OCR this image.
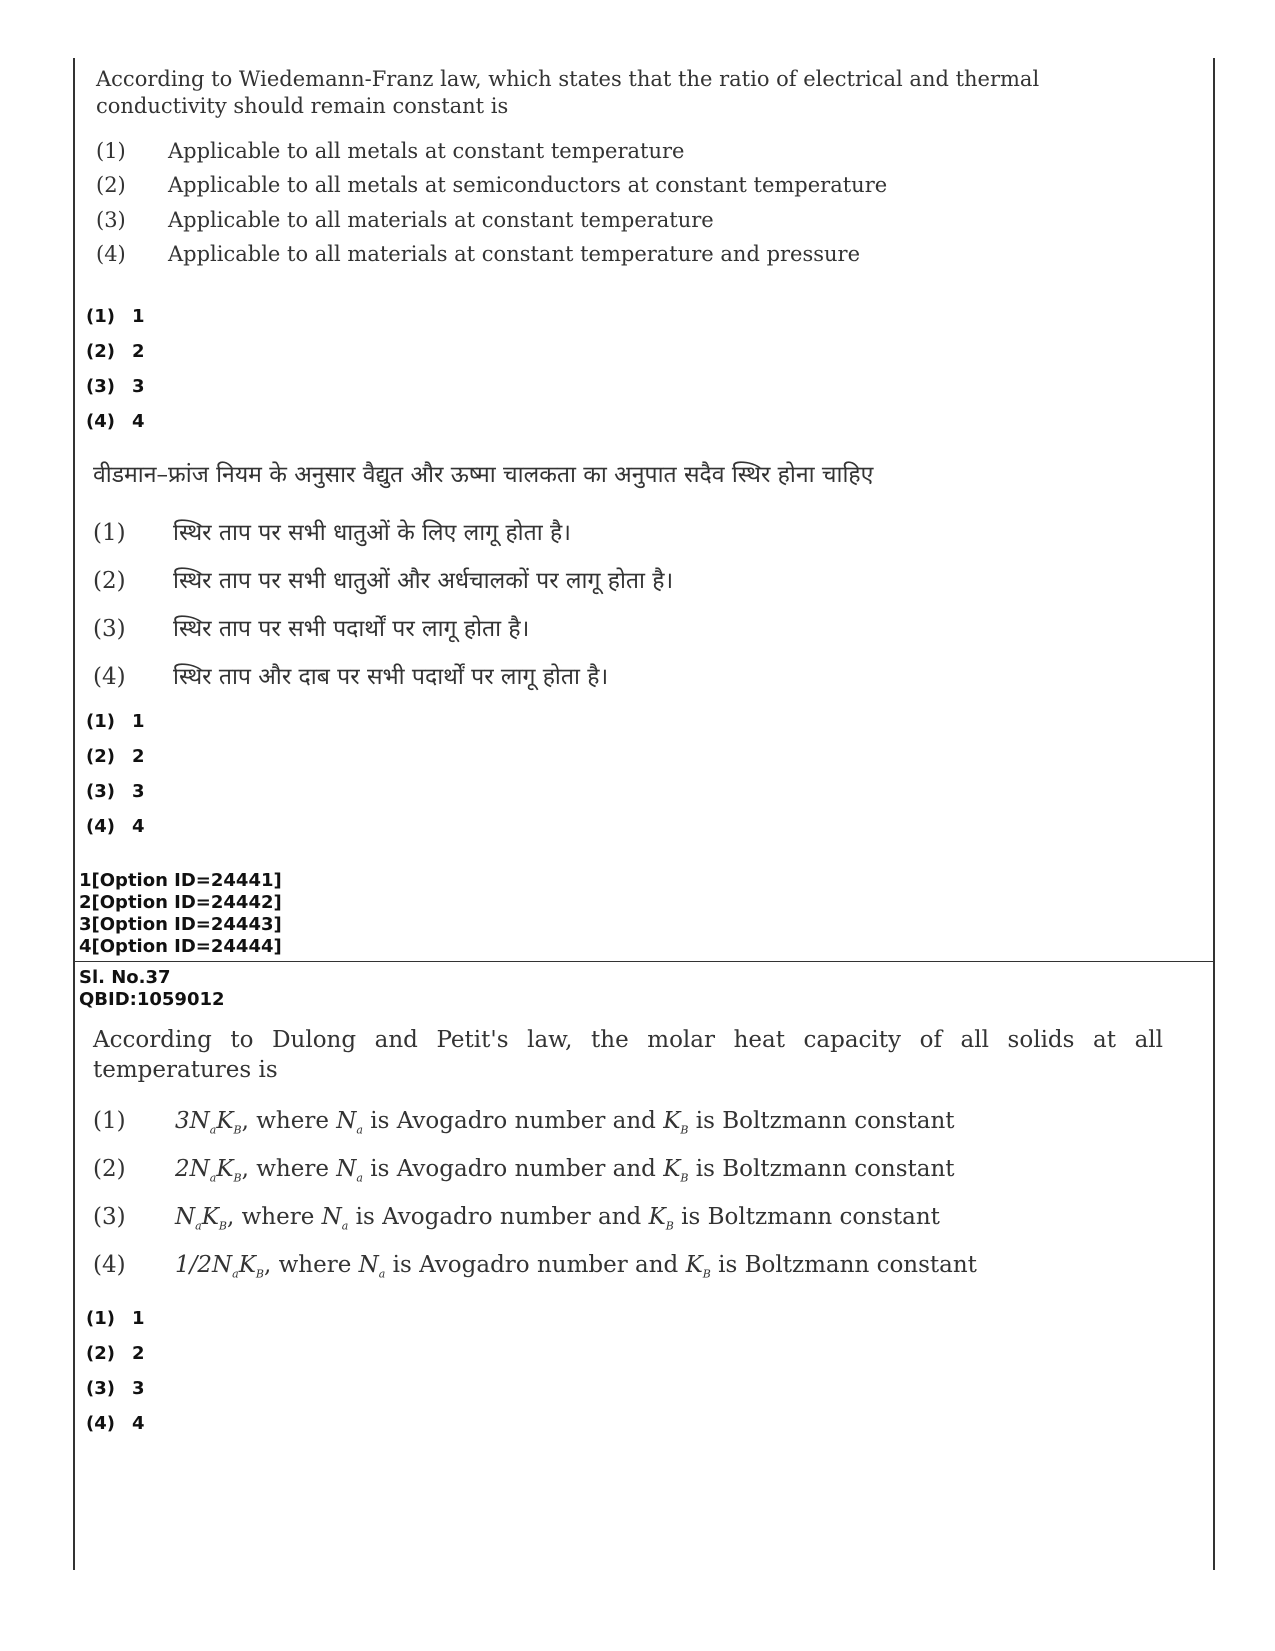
According to Wiedemann-Franz law, which states that the ratio of electrical and thermal conductivity should remain constant is
(1) Applicable to all metals at constant temperature
(2) Applicable to all metals at semiconductors at constant temperature
(3) Applicable to all materials at constant temperature
(4) Applicable to all materials at constant temperature and pressure
(1) 1
(2) 2
(3) 3
(4) 4
वीडमान–फ्रांज नियम के अनुसार वैद्युत और ऊष्मा चालकता का अनुपात सदैव स्थिर होना चाहिए
(1) स्थिर ताप पर सभी धातुओं के लिए लागू होता है।
(2) स्थिर ताप पर सभी धातुओं और अर्धचालकों पर लागू होता है।
(3) स्थिर ताप पर सभी पदार्थों पर लागू होता है।
(4) स्थिर ताप और दाब पर सभी पदार्थों पर लागू होता है।
(1) 1
(2) 2
(3) 3
(4) 4
1[Option ID=24441]
2[Option ID=24442]
3[Option ID=24443]
4[Option ID=24444]
Sl. No.37
QBID:1059012
According to Dulong and Petit's law, the molar heat capacity of all solids at all temperatures is
(1) $3N_aK_B$, where $N_a$ is Avogadro number and $K_B$ is Boltzmann constant
(2) $2N_aK_B$, where $N_a$ is Avogadro number and $K_B$ is Boltzmann constant
(3) $N_aK_B$, where $N_a$ is Avogadro number and $K_B$ is Boltzmann constant
(4) $1/2N_aK_B$, where $N_a$ is Avogadro number and $K_B$ is Boltzmann constant
(1) 1
(2) 2
(3) 3
(4) 4
